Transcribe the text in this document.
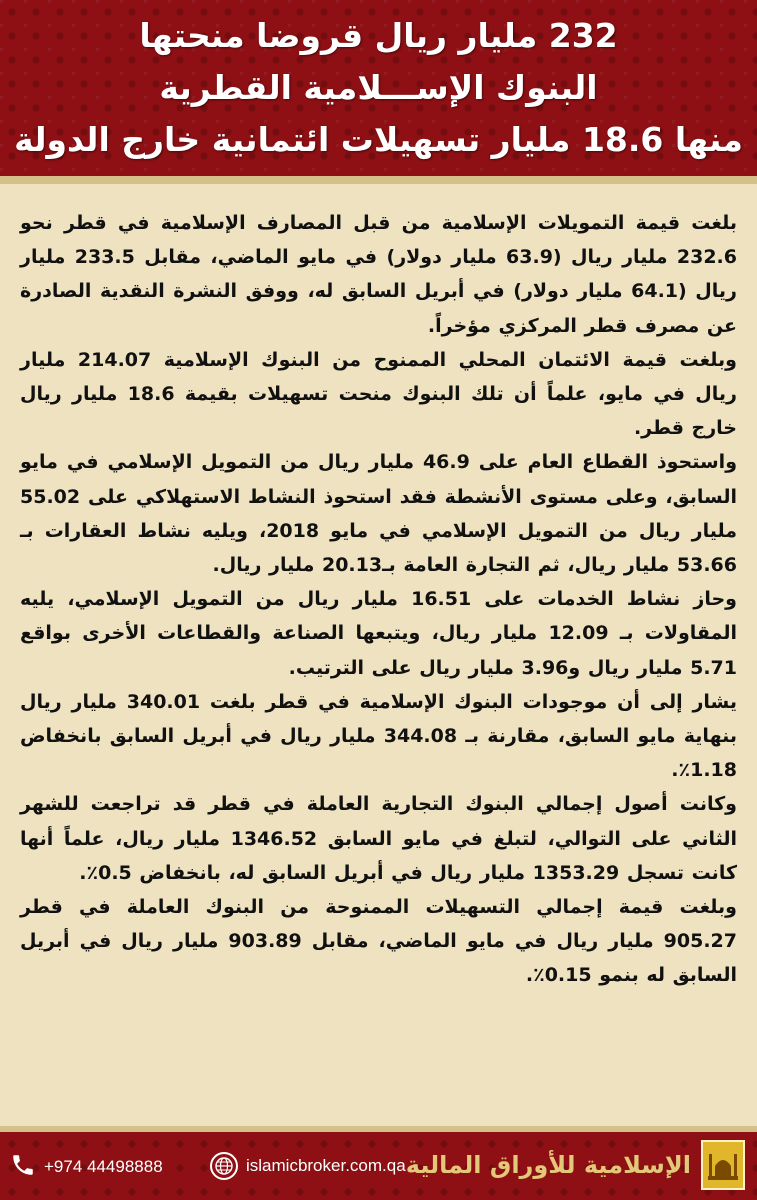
232 مليار ريال قروضا منحتها
البنوك الإســـلامية القطرية
منها 18.6 مليار تسهيلات ائتمانية خارج الدولة

بلغت قيمة التمويلات الإسلامية من قبل المصارف الإسلامية في قطر نحو 232.6 مليار ريال (63.9 مليار دولار) في مايو الماضي، مقابل 233.5 مليار ريال (64.1 مليار دولار) في أبريل السابق له، ووفق النشرة النقدية الصادرة عن مصرف قطر المركزي مؤخراً.

وبلغت قيمة الائتمان المحلي الممنوح من البنوك الإسلامية 214.07 مليار ريال في مايو، علماً أن تلك البنوك منحت تسهيلات بقيمة 18.6 مليار ريال خارج قطر.

واستحوذ القطاع العام على 46.9 مليار ريال من التمويل الإسلامي في مايو السابق، وعلى مستوى الأنشطة فقد استحوذ النشاط الاستهلاكي على 55.02 مليار ريال من التمويل الإسلامي في مايو 2018، ويليه نشاط العقارات بـ 53.66 مليار ريال، ثم التجارة العامة بـ20.13 مليار ريال.

وحاز نشاط الخدمات على 16.51 مليار ريال من التمويل الإسلامي، يليه المقاولات بـ 12.09 مليار ريال، ويتبعها الصناعة والقطاعات الأخرى بواقع 5.71 مليار ريال و3.96 مليار ريال على الترتيب.

يشار إلى أن موجودات البنوك الإسلامية في قطر بلغت 340.01 مليار ريال بنهاية مايو السابق، مقارنة بـ 344.08 مليار ريال في أبريل السابق بانخفاض 1.18٪.

وكانت أصول إجمالي البنوك التجارية العاملة في قطر قد تراجعت للشهر الثاني على التوالي، لتبلغ في مايو السابق 1346.52 مليار ريال، علماً أنها كانت تسجل 1353.29 مليار ريال في أبريل السابق له، بانخفاض 0.5٪.

وبلغت قيمة إجمالي التسهيلات الممنوحة من البنوك العاملة في قطر 905.27 مليار ريال في مايو الماضي، مقابل 903.89 مليار ريال في أبريل السابق له بنمو 0.15٪.

+974 44498888	islamicbroker.com.qa الإسلامية للأوراق المالية
